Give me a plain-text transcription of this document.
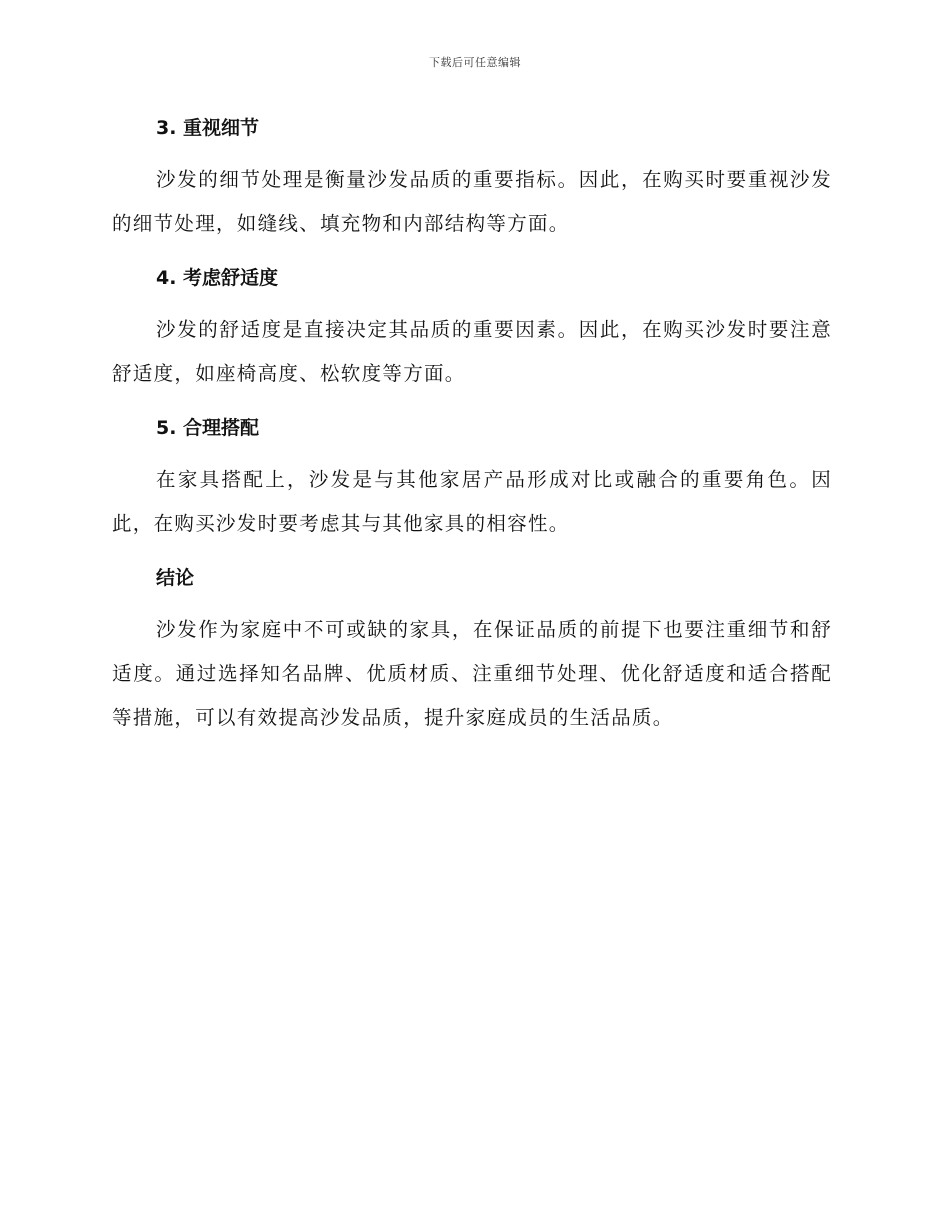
下载后可任意编辑
3. 重视细节

沙发的细节处理是衡量沙发品质的重要指标。因此，在购买时要重视沙发的细节处理，如缝线、填充物和内部结构等方面。

4. 考虑舒适度

沙发的舒适度是直接决定其品质的重要因素。因此，在购买沙发时要注意舒适度，如座椅高度、松软度等方面。

5. 合理搭配

在家具搭配上，沙发是与其他家居产品形成对比或融合的重要角色。因此，在购买沙发时要考虑其与其他家具的相容性。

结论

沙发作为家庭中不可或缺的家具，在保证品质的前提下也要注重细节和舒适度。通过选择知名品牌、优质材质、注重细节处理、优化舒适度和适合搭配等措施，可以有效提高沙发品质，提升家庭成员的生活品质。
